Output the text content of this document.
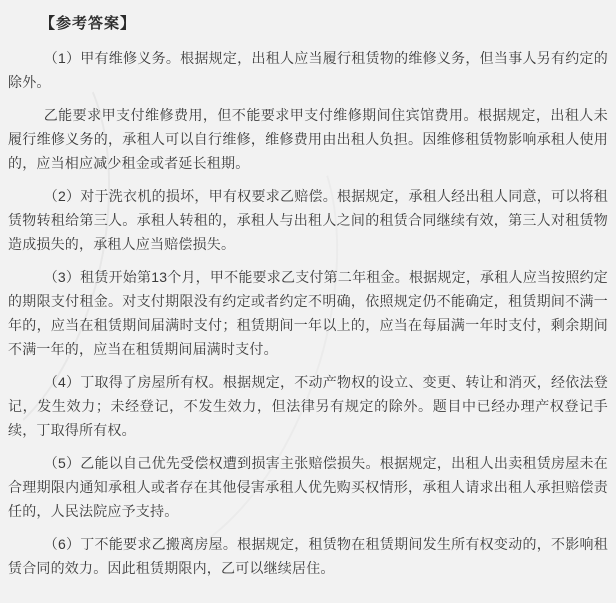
【参考答案】

（1）甲有维修义务。根据规定，出租人应当履行租赁物的维修义务，但当事人另有约定的除外。

乙能要求甲支付维修费用，但不能要求甲支付维修期间住宾馆费用。根据规定，出租人未履行维修义务的，承租人可以自行维修，维修费用由出租人负担。因维修租赁物影响承租人使用的，应当相应减少租金或者延长租期。

（2）对于洗衣机的损坏，甲有权要求乙赔偿。根据规定，承租人经出租人同意，可以将租赁物转租给第三人。承租人转租的，承租人与出租人之间的租赁合同继续有效，第三人对租赁物造成损失的，承租人应当赔偿损失。

（3）租赁开始第13个月，甲不能要求乙支付第二年租金。根据规定，承租人应当按照约定的期限支付租金。对支付期限没有约定或者约定不明确，依照规定仍不能确定，租赁期间不满一年的，应当在租赁期间届满时支付；租赁期间一年以上的，应当在每届满一年时支付，剩余期间不满一年的，应当在租赁期间届满时支付。

（4）丁取得了房屋所有权。根据规定，不动产物权的设立、变更、转让和消灭，经依法登记，发生效力；未经登记，不发生效力，但法律另有规定的除外。题目中已经办理产权登记手续，丁取得所有权。

（5）乙能以自己优先受偿权遭到损害主张赔偿损失。根据规定，出租人出卖租赁房屋未在合理期限内通知承租人或者存在其他侵害承租人优先购买权情形，承租人请求出租人承担赔偿责任的，人民法院应予支持。

（6）丁不能要求乙搬离房屋。根据规定，租赁物在租赁期间发生所有权变动的，不影响租赁合同的效力。因此租赁期限内，乙可以继续居住。
